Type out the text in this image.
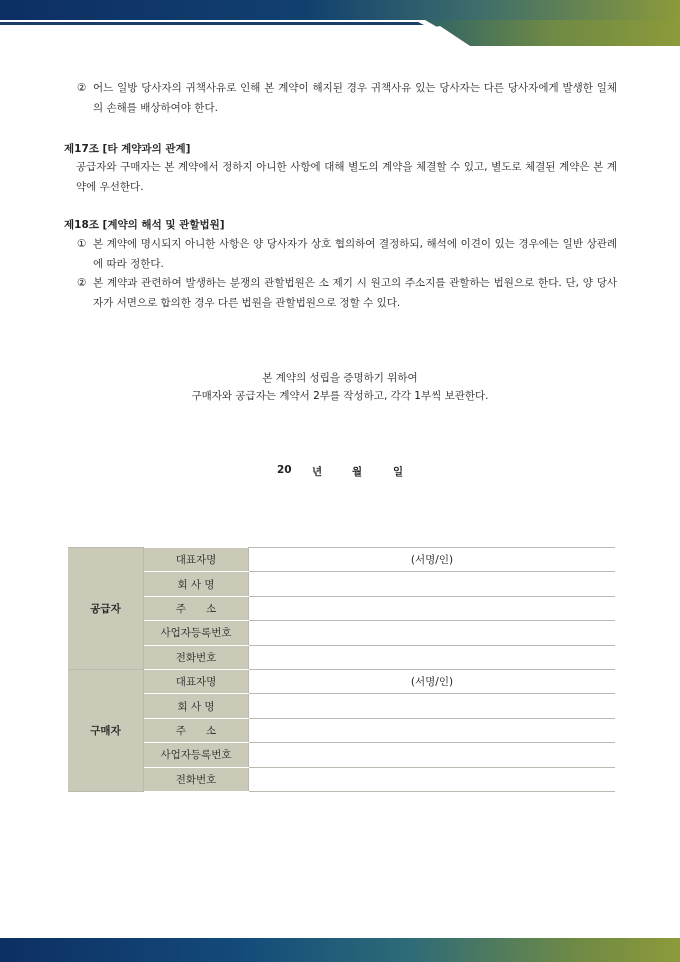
② 어느 일방 당사자의 귀책사유로 인해 본 계약이 해지된 경우 귀책사유 있는 당사자는 다른 당사자에게 발생한 일체의 손해를 배상하여야 한다.
제17조 [타 계약과의 관계]
공급자와 구매자는 본 계약에서 정하지 아니한 사항에 대해 별도의 계약을 체결할 수 있고, 별도로 체결된 계약은 본 계약에 우선한다.
제18조 [계약의 해석 및 관할법원]
① 본 계약에 명시되지 아니한 사항은 양 당사자가 상호 협의하여 결정하되, 해석에 이견이 있는 경우에는 일반 상관례에 따라 정한다.
② 본 계약과 관련하여 발생하는 분쟁의 관할법원은 소 제기 시 원고의 주소지를 관할하는 법원으로 한다. 단, 양 당사자가 서면으로 합의한 경우 다른 법원을 관할법원으로 정할 수 있다.
본 계약의 성립을 증명하기 위하여
구매자와 공급자는 계약서 2부를 작성하고, 각각 1부씩 보관한다.
20 년	월	일
공급자	대표자명	(서명/인)
	회 사 명	
	주      소	
	사업자등록번호	
	전화번호	
구매자	대표자명	(서명/인)
	회 사 명	
	주      소	
	사업자등록번호	
	전화번호	
